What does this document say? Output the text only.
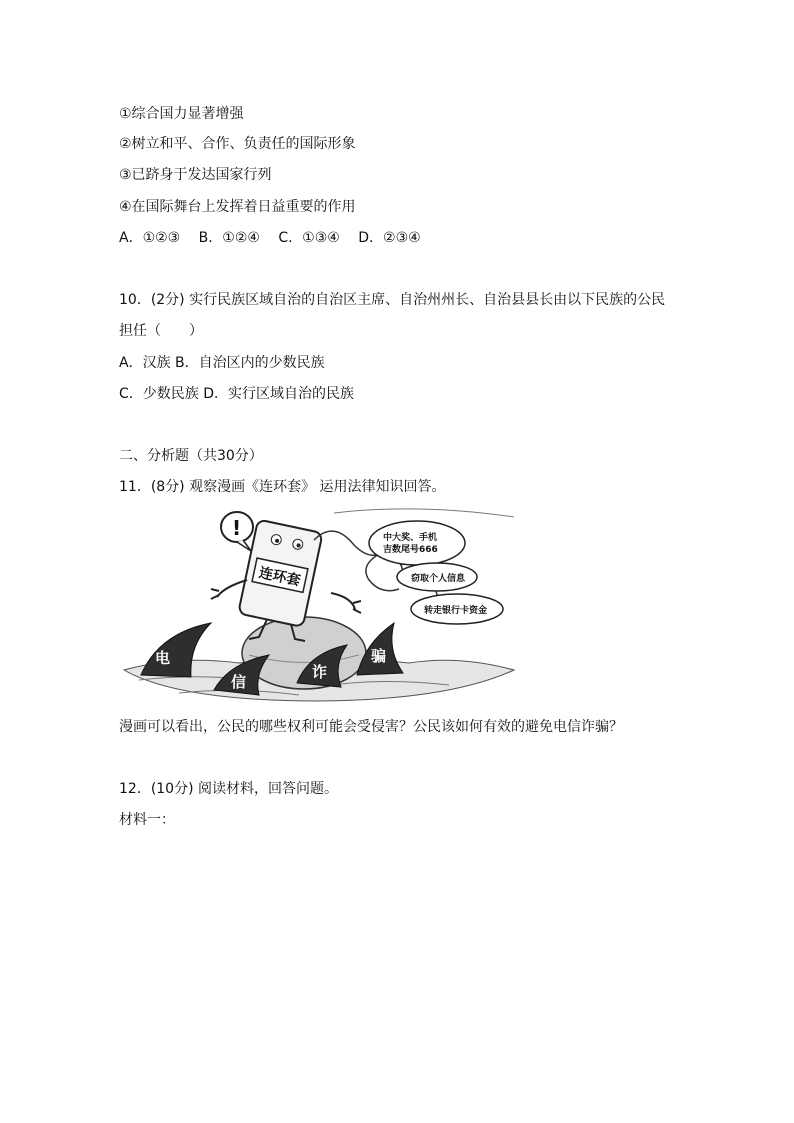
①综合国力显著增强
②树立和平、合作、负责任的国际形象
③已跻身于发达国家行列
④在国际舞台上发挥着日益重要的作用
A．①②③　 B．①②④　 C．①③④　 D．②③④
10．(2分) 实行民族区域自治的自治区主席、自治州州长、自治县县长由以下民族的公民
担任（　　）
A．汉族 B．自治区内的少数民族
C．少数民族 D．实行区域自治的民族
二、分析题（共30分）
11．(8分) 观察漫画《连环套》 运用法律知识回答。
电
信
诈
骗
连环套
!	中大奖、手机
吉数尾号666
窃取个人信息
转走银行卡资金
漫画可以看出，公民的哪些权利可能会受侵害？公民该如何有效的避免电信诈骗？
12．(10分) 阅读材料，回答问题。
材料一：
